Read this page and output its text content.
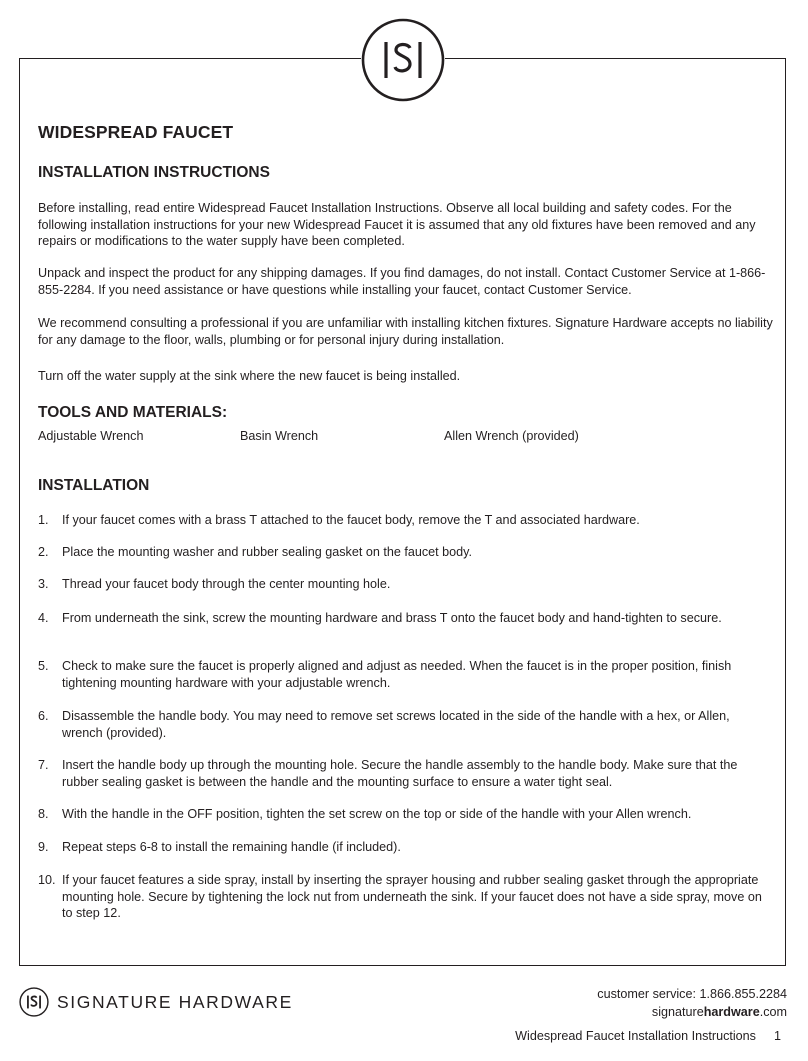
WIDESPREAD FAUCET
INSTALLATION INSTRUCTIONS

Before installing, read entire Widespread Faucet Installation Instructions. Observe all local building and safety codes. For the following installation instructions for your new Widespread Faucet it is assumed that any old fixtures have been removed and any repairs or modifications to the water supply have been completed.

Unpack and inspect the product for any shipping damages. If you find damages, do not install. Contact Customer Service at 1-866-855-2284. If you need assistance or have questions while installing your faucet, contact Customer Service.

We recommend consulting a professional if you are unfamiliar with installing kitchen fixtures. Signature Hardware accepts no liability for any damage to the floor, walls, plumbing or for personal injury during installation.

Turn off the water supply at the sink where the new faucet is being installed.

TOOLS AND MATERIALS:
Adjustable Wrench	Basin Wrench	Allen Wrench (provided)
INSTALLATION
1. If your faucet comes with a brass T attached to the faucet body, remove the T and associated hardware.
2. Place the mounting washer and rubber sealing gasket on the faucet body.
3. Thread your faucet body through the center mounting hole.
4. From underneath the sink, screw the mounting hardware and brass T onto the faucet body and hand-tighten to secure.
5. Check to make sure the faucet is properly aligned and adjust as needed. When the faucet is in the proper position, finish tightening mounting hardware with your adjustable wrench.
6. Disassemble the handle body. You may need to remove set screws located in the side of the handle with a hex, or Allen, wrench (provided).
7. Insert the handle body up through the mounting hole. Secure the handle assembly to the handle body. Make sure that the rubber sealing gasket is between the handle and the mounting surface to ensure a water tight seal.
8. With the handle in the OFF position, tighten the set screw on the top or side of the handle with your Allen wrench.
9. Repeat steps 6-8 to install the remaining handle (if included).
10. If your faucet features a side spray, install by inserting the sprayer housing and rubber sealing gasket through the appropriate mounting hole. Secure by tightening the lock nut from underneath the sink. If your faucet does not have a side spray, move on to step 12.
SIGNATURE HARDWARE	customer service: 1.866.855.2284
signaturehardware.com
Widespread Faucet Installation Instructions 1
